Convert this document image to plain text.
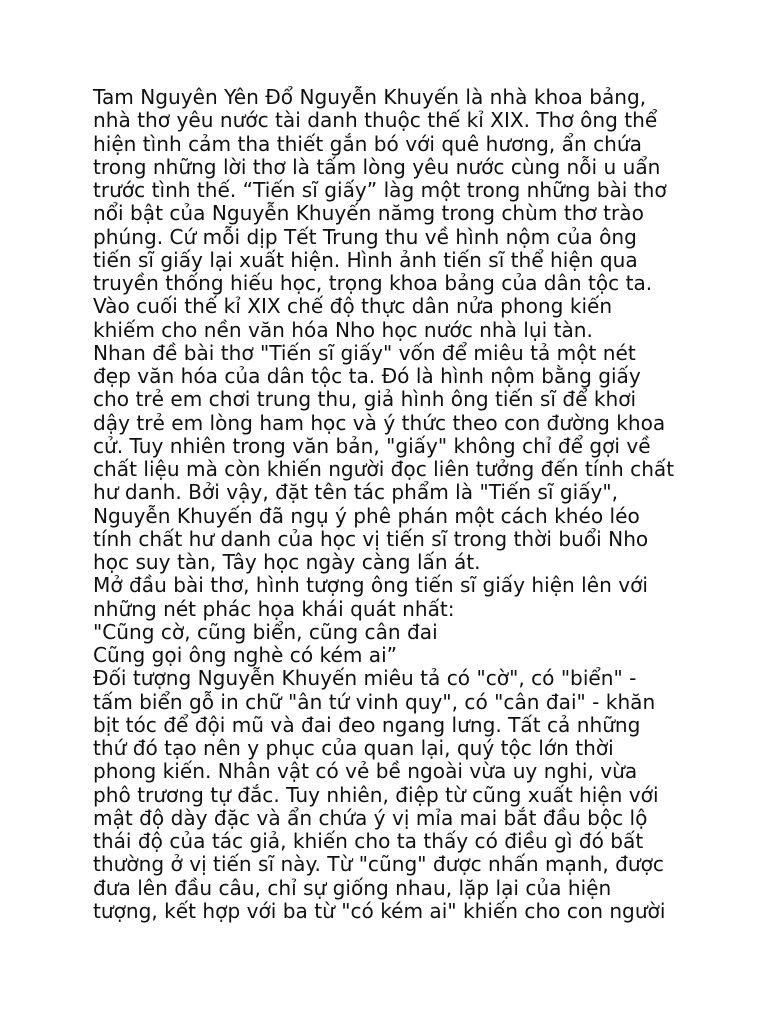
Tam Nguyên Yên Đổ Nguyễn Khuyến là nhà khoa bảng,
nhà thơ yêu nước tài danh thuộc thế kỉ XIX. Thơ ông thể
hiện tình cảm tha thiết gắn bó với quê hương, ẩn chứa
trong những lời thơ là tấm lòng yêu nước cùng nỗi u uẩn
trước tình thế. “Tiến sĩ giấy” làg một trong những bài thơ
nổi bật của Nguyễn Khuyến nămg trong chùm thơ trào
phúng. Cứ mỗi dịp Tết Trung thu về hình nộm của ông
tiến sĩ giấy lại xuất hiện. Hình ảnh tiến sĩ thể hiện qua
truyền thống hiếu học, trọng khoa bảng của dân tộc ta.
Vào cuối thế kỉ XIX chế độ thực dân nửa phong kiến
khiếm cho nền văn hóa Nho học nước nhà lụi tàn.
Nhan đề bài thơ "Tiến sĩ giấy" vốn để miêu tả một nét
đẹp văn hóa của dân tộc ta. Đó là hình nộm bằng giấy
cho trẻ em chơi trung thu, giả hình ông tiến sĩ để khơi
dậy trẻ em lòng ham học và ý thức theo con đường khoa
cử. Tuy nhiên trong văn bản, "giấy" không chỉ để gợi về
chất liệu mà còn khiến người đọc liên tưởng đến tính chất
hư danh. Bởi vậy, đặt tên tác phẩm là "Tiến sĩ giấy",
Nguyễn Khuyến đã ngụ ý phê phán một cách khéo léo
tính chất hư danh của học vị tiến sĩ trong thời buổi Nho
học suy tàn, Tây học ngày càng lấn át.
Mở đầu bài thơ, hình tượng ông tiến sĩ giấy hiện lên với
những nét phác họa khái quát nhất:
"Cũng cờ, cũng biển, cũng cân đai
Cũng gọi ông nghè có kém ai”
Đối tượng Nguyễn Khuyến miêu tả có "cờ", có "biển" -
tấm biển gỗ in chữ "ân tứ vinh quy", có "cân đai" - khăn
bịt tóc để đội mũ và đai đeo ngang lưng. Tất cả những
thứ đó tạo nên y phục của quan lại, quý tộc lớn thời
phong kiến. Nhân vật có vẻ bề ngoài vừa uy nghi, vừa
phô trương tự đắc. Tuy nhiên, điệp từ cũng xuất hiện với
mật độ dày đặc và ẩn chứa ý vị mỉa mai bắt đầu bộc lộ
thái độ của tác giả, khiến cho ta thấy có điều gì đó bất
thường ở vị tiến sĩ này. Từ "cũng" được nhấn mạnh, được
đưa lên đầu câu, chỉ sự giống nhau, lặp lại của hiện
tượng, kết hợp với ba từ "có kém ai" khiến cho con người
